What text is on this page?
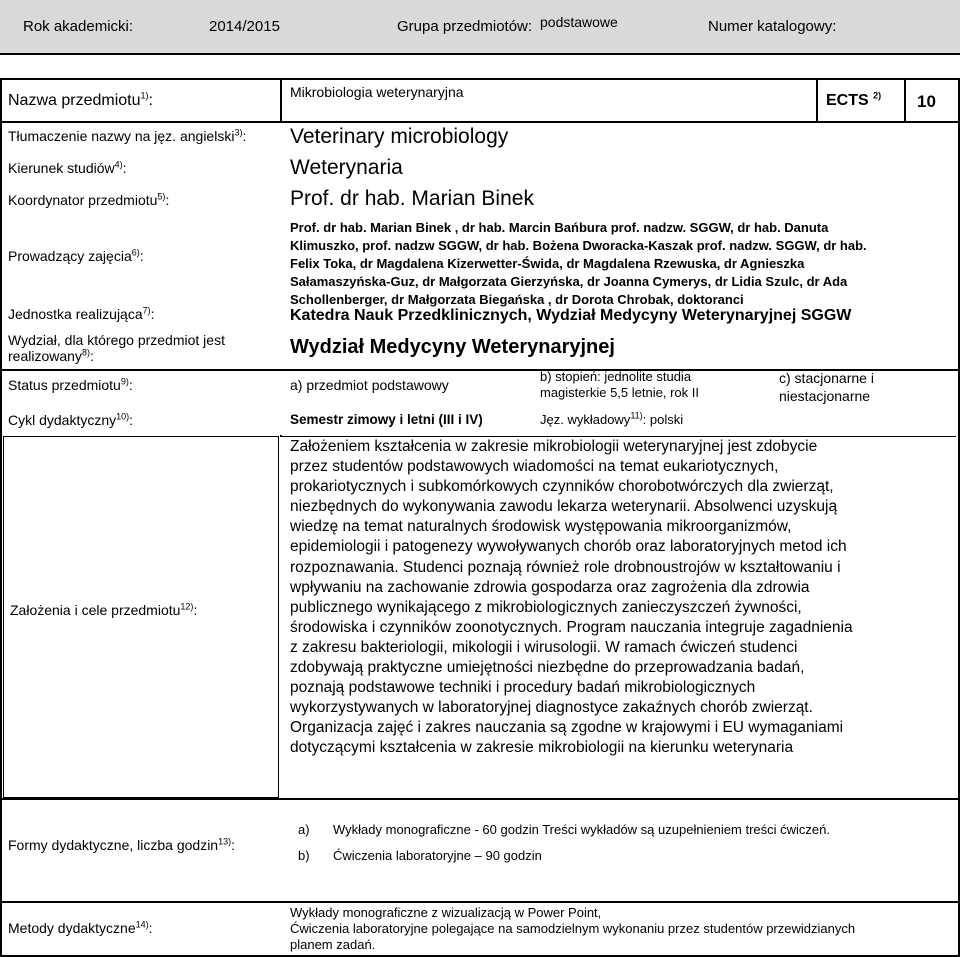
Rok akademicki:	2014/2015	Grupa przedmiotów: podstawowe	Numer katalogowy:
Nazwa przedmiotu$^{1)}$:	Mikrobiologia weterynaryjna	ECTS $^{2)}$ 10
Tłumaczenie nazwy na jęz. angielski$^{3)}$: Veterinary microbiology
Kierunek studiów$^{4)}$:	Weterynaria
Koordynator przedmiotu$^{5)}$:	Prof. dr hab. Marian Binek
Prowadzący zajęcia$^{6)}$:
Prof. dr hab. Marian Binek , dr hab. Marcin Bańbura prof. nadzw. SGGW, dr hab. Danuta
Klimuszko, prof. nadzw SGGW, dr hab. Bożena Dworacka-Kaszak prof. nadzw. SGGW, dr hab.
Felix Toka, dr Magdalena Kizerwetter-Świda, dr Magdalena Rzewuska, dr Agnieszka
Sałamaszyńska-Guz, dr Małgorzata Gierzyńska, dr Joanna Cymerys, dr Lidia Szulc, dr Ada
Schollenberger, dr Małgorzata Biegańska , dr Dorota Chrobak, doktoranci
Jednostka realizująca$^{7)}$:	Katedra Nauk Przedklinicznych, Wydział Medycyny Weterynaryjnej SGGW
Wydział, dla którego przedmiot jest
realizowany$^{8)}$:	Wydział Medycyny Weterynaryjnej
Status przedmiotu$^{9)}$:	a) przedmiot podstawowy
b) stopień: jednolite studia
magisterkie 5,5 letnie, rok II
c) stacjonarne i
niestacjonarne
Cykl dydaktyczny$^{10)}$:	Semestr zimowy i letni (III i IV)	Jęz. wykładowy$^{11)}$: polski
Założenia i cele przedmiotu$^{12)}$:
Założeniem kształcenia w zakresie mikrobiologii weterynaryjnej jest zdobycie
przez studentów podstawowych wiadomości na temat eukariotycznych,
prokariotycznych i subkomórkowych czynników chorobotwórczych dla zwierząt,
niezbędnych do wykonywania zawodu lekarza weterynarii. Absolwenci uzyskują
wiedzę na temat naturalnych środowisk występowania mikroorganizmów,
epidemiologii i patogenezy wywoływanych chorób oraz laboratoryjnych metod ich
rozpoznawania. Studenci poznają również role drobnoustrojów w kształtowaniu i
wpływaniu na zachowanie zdrowia gospodarza oraz zagrożenia dla zdrowia
publicznego wynikającego z mikrobiologicznych zanieczyszczeń żywności,
środowiska i czynników zoonotycznych. Program nauczania integruje zagadnienia
z zakresu bakteriologii, mikologii i wirusologii. W ramach ćwiczeń studenci
zdobywają praktyczne umiejętności niezbędne do przeprowadzania badań,
poznają podstawowe techniki i procedury badań mikrobiologicznych
wykorzystywanych w laboratoryjnej diagnostyce zakaźnych chorób zwierząt.
Organizacja zajęć i zakres nauczania są zgodne w krajowymi i EU wymaganiami
dotyczącymi kształcenia w zakresie mikrobiologii na kierunku weterynaria
Formy dydaktyczne, liczba godzin$^{13)}$:
a) Wykłady monograficzne - 60 godzin Treści wykładów są uzupełnieniem treści ćwiczeń.
b) Ćwiczenia laboratoryjne – 90 godzin
Metody dydaktyczne$^{14)}$:
Wykłady monograficzne z wizualizacją w Power Point,
Ćwiczenia laboratoryjne polegające na samodzielnym wykonaniu przez studentów przewidzianych
planem zadań.
